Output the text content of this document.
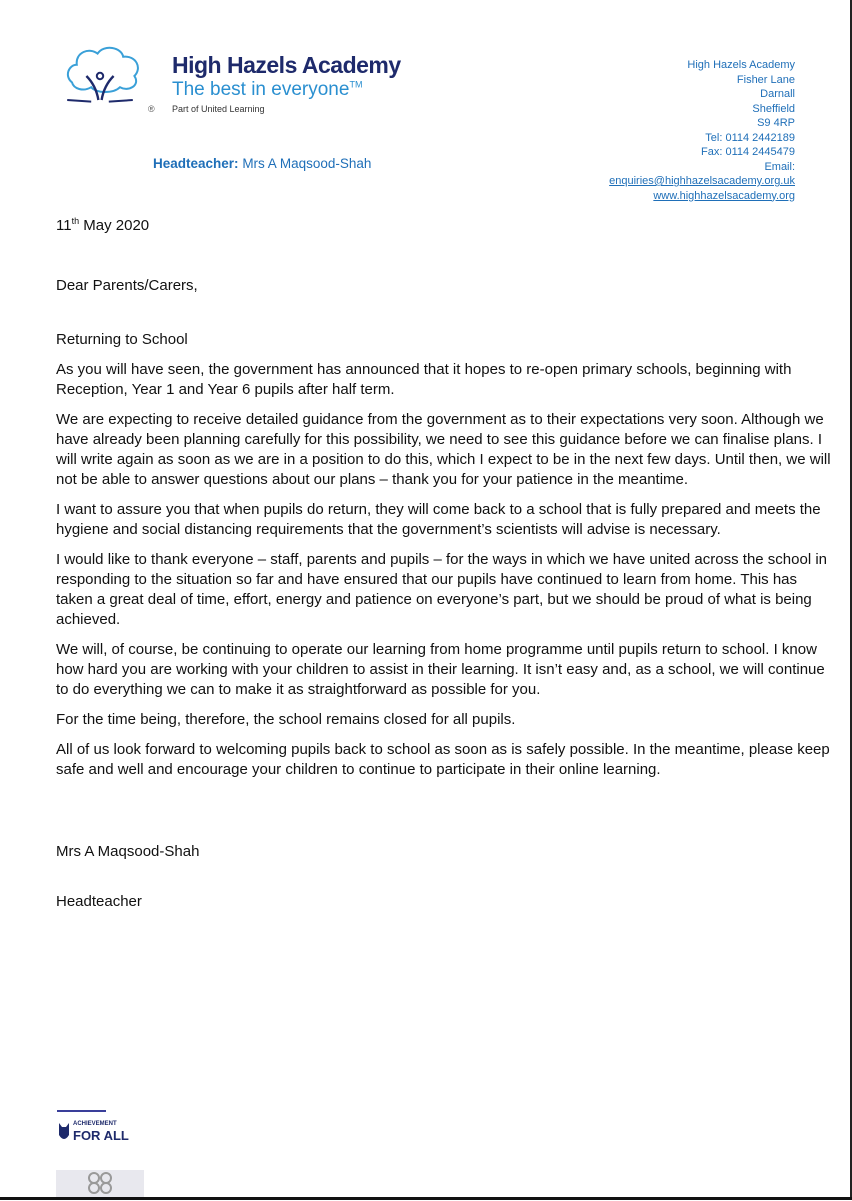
®
High Hazels Academy
The best in everyone™
Part of United Learning
Headteacher: Mrs A Maqsood-Shah
High Hazels Academy
Fisher Lane
Darnall
Sheffield
S9 4RP
Tel: 0114 2442189
Fax: 0114 2445479
Email:
enquiries@highhazelsacademy.org.uk
www.highhazelsacademy.org

11th May 2020

Dear Parents/Carers,

Returning to School

As you will have seen, the government has announced that it hopes to re-open primary schools, beginning with Reception, Year 1 and Year 6 pupils after half term.

We are expecting to receive detailed guidance from the government as to their expectations very soon. Although we have already been planning carefully for this possibility, we need to see this guidance before we can finalise plans. I will write again as soon as we are in a position to do this, which I expect to be in the next few days. Until then, we will not be able to answer questions about our plans – thank you for your patience in the meantime.

I want to assure you that when pupils do return, they will come back to a school that is fully prepared and meets the hygiene and social distancing requirements that the government’s scientists will advise is necessary.

I would like to thank everyone – staff, parents and pupils – for the ways in which we have united across the school in responding to the situation so far and have ensured that our pupils have continued to learn from home. This has taken a great deal of time, effort, energy and patience on everyone’s part, but we should be proud of what is being achieved.

We will, of course, be continuing to operate our learning from home programme until pupils return to school. I know how hard you are working with your children to assist in their learning. It isn’t easy and, as a school, we will continue to do everything we can to make it as straightforward as possible for you.

For the time being, therefore, the school remains closed for all pupils.

All of us look forward to welcoming pupils back to school as soon as is safely possible. In the meantime, please keep safe and well and encourage your children to continue to participate in their online learning.

Mrs A Maqsood-Shah

Headteacher

ACHIEVEMENT
FOR ALL
